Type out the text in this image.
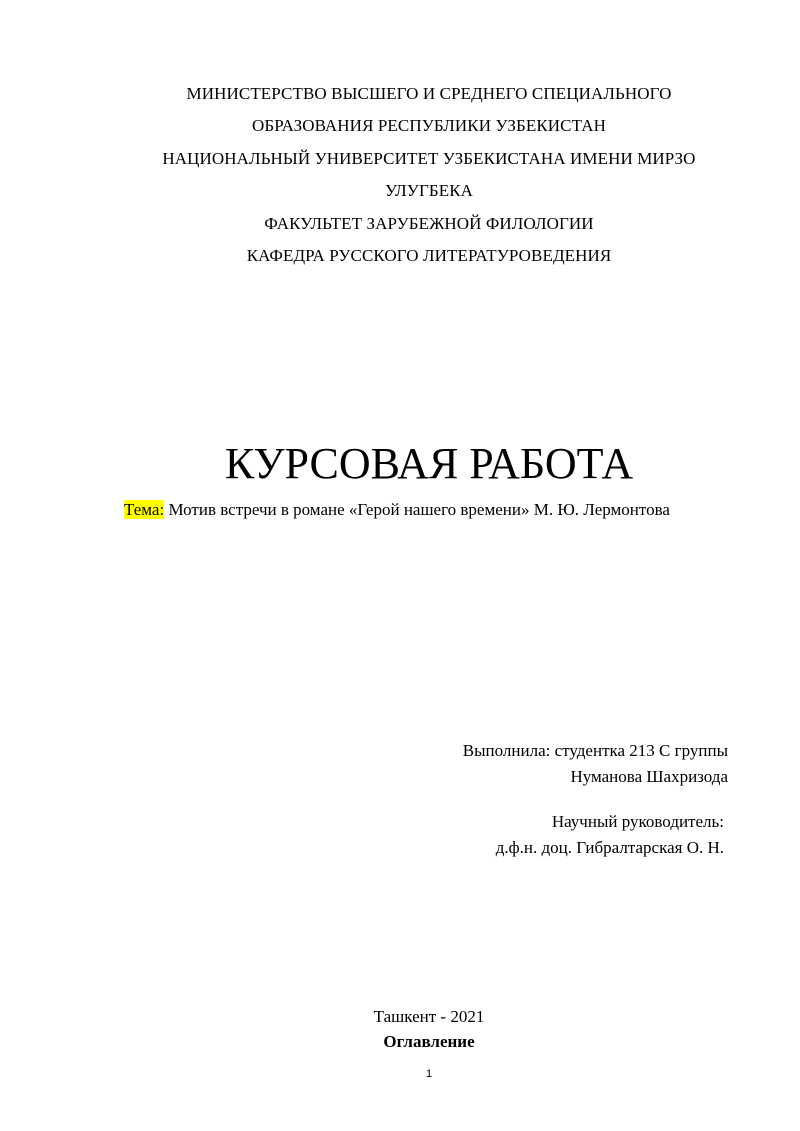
МИНИСТЕРСТВО ВЫСШЕГО И СРЕДНЕГО СПЕЦИАЛЬНОГО
ОБРАЗОВАНИЯ РЕСПУБЛИКИ УЗБЕКИСТАН
НАЦИОНАЛЬНЫЙ УНИВЕРСИТЕТ УЗБЕКИСТАНА ИМЕНИ МИРЗО
УЛУГБЕКА
ФАКУЛЬТЕТ ЗАРУБЕЖНОЙ ФИЛОЛОГИИ
КАФЕДРА РУССКОГО ЛИТЕРАТУРОВЕДЕНИЯ
КУРСОВАЯ РАБОТА
Тема: Мотив встречи в романе «Герой нашего времени» М. Ю. Лермонтова
Выполнила: студентка 213 С группы
Нуманова Шахризода
Научный руководитель:
д.ф.н. доц. Гибралтарская О. Н.
Ташкент - 2021
Оглавление
1
